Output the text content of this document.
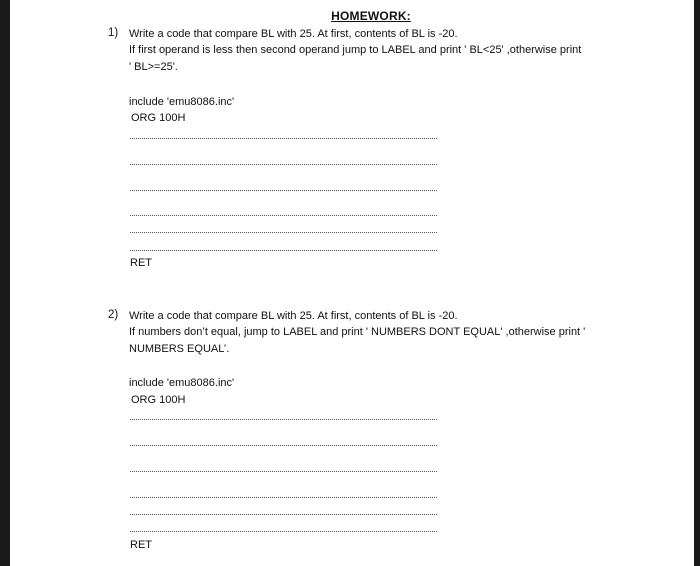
HOMEWORK:
1) Write a code that compare BL with 25. At first, contents of BL is -20.
If first operand is less then second operand jump to LABEL and print ' BL<25' ,otherwise print
' BL>=25'.
include 'emu8086.inc'
ORG 100H
RET
2) Write a code that compare BL with 25. At first, contents of BL is -20.
If numbers don’t equal, jump to LABEL and print ' NUMBERS DONT EQUAL' ,otherwise print '
NUMBERS EQUAL’.
include 'emu8086.inc'
ORG 100H
RET
